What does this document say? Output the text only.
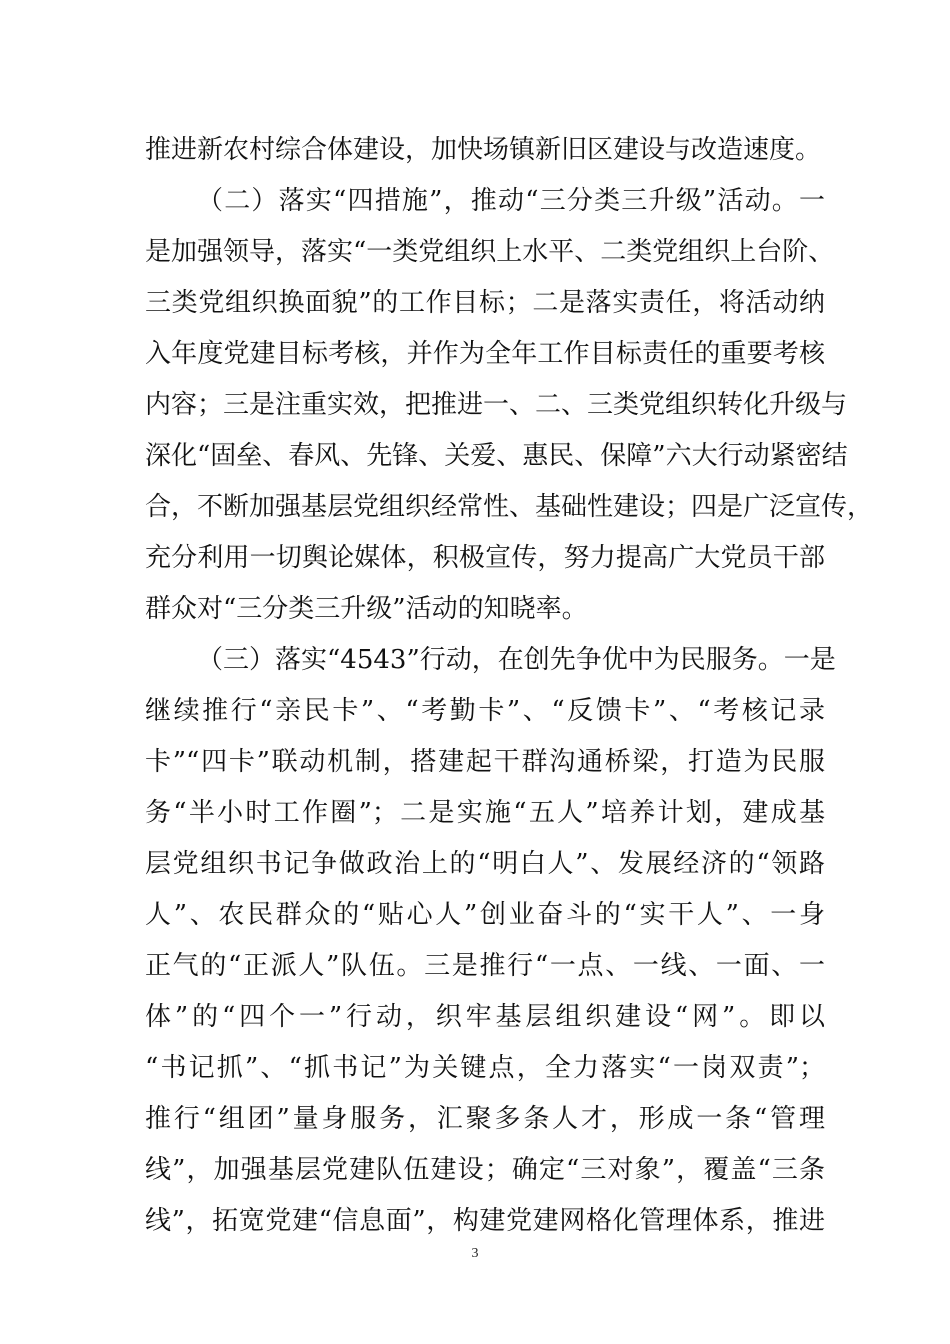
推进新农村综合体建设，加快场镇新旧区建设与改造速度。
（二）落实“四措施”，推动“三分类三升级”活动。一
是加强领导，落实“一类党组织上水平、二类党组织上台阶、
三类党组织换面貌”的工作目标；二是落实责任，将活动纳
入年度党建目标考核，并作为全年工作目标责任的重要考核
内容；三是注重实效，把推进一、二、三类党组织转化升级与
深化“固垒、春风、先锋、关爱、惠民、保障”六大行动紧密结
合，不断加强基层党组织经常性、基础性建设；四是广泛宣传，
充分利用一切舆论媒体，积极宣传，努力提高广大党员干部
群众对“三分类三升级”活动的知晓率。
（三）落实“4543”行动，在创先争优中为民服务。一是
继续推行“亲民卡”、“考勤卡”、“反馈卡”、“考核记录
卡”“四卡”联动机制，搭建起干群沟通桥梁，打造为民服
务“半小时工作圈”；二是实施“五人”培养计划，建成基
层党组织书记争做政治上的“明白人”、发展经济的“领路
人”、农民群众的“贴心人”创业奋斗的“实干人”、一身
正气的“正派人”队伍。三是推行“一点、一线、一面、一
体”的“四个一”行动，织牢基层组织建设“网”。即以
“书记抓”、“抓书记”为关键点，全力落实“一岗双责”；
推行“组团”量身服务，汇聚多条人才，形成一条“管理
线”，加强基层党建队伍建设；确定“三对象”，覆盖“三条
线”，拓宽党建“信息面”，构建党建网格化管理体系，推进
3
